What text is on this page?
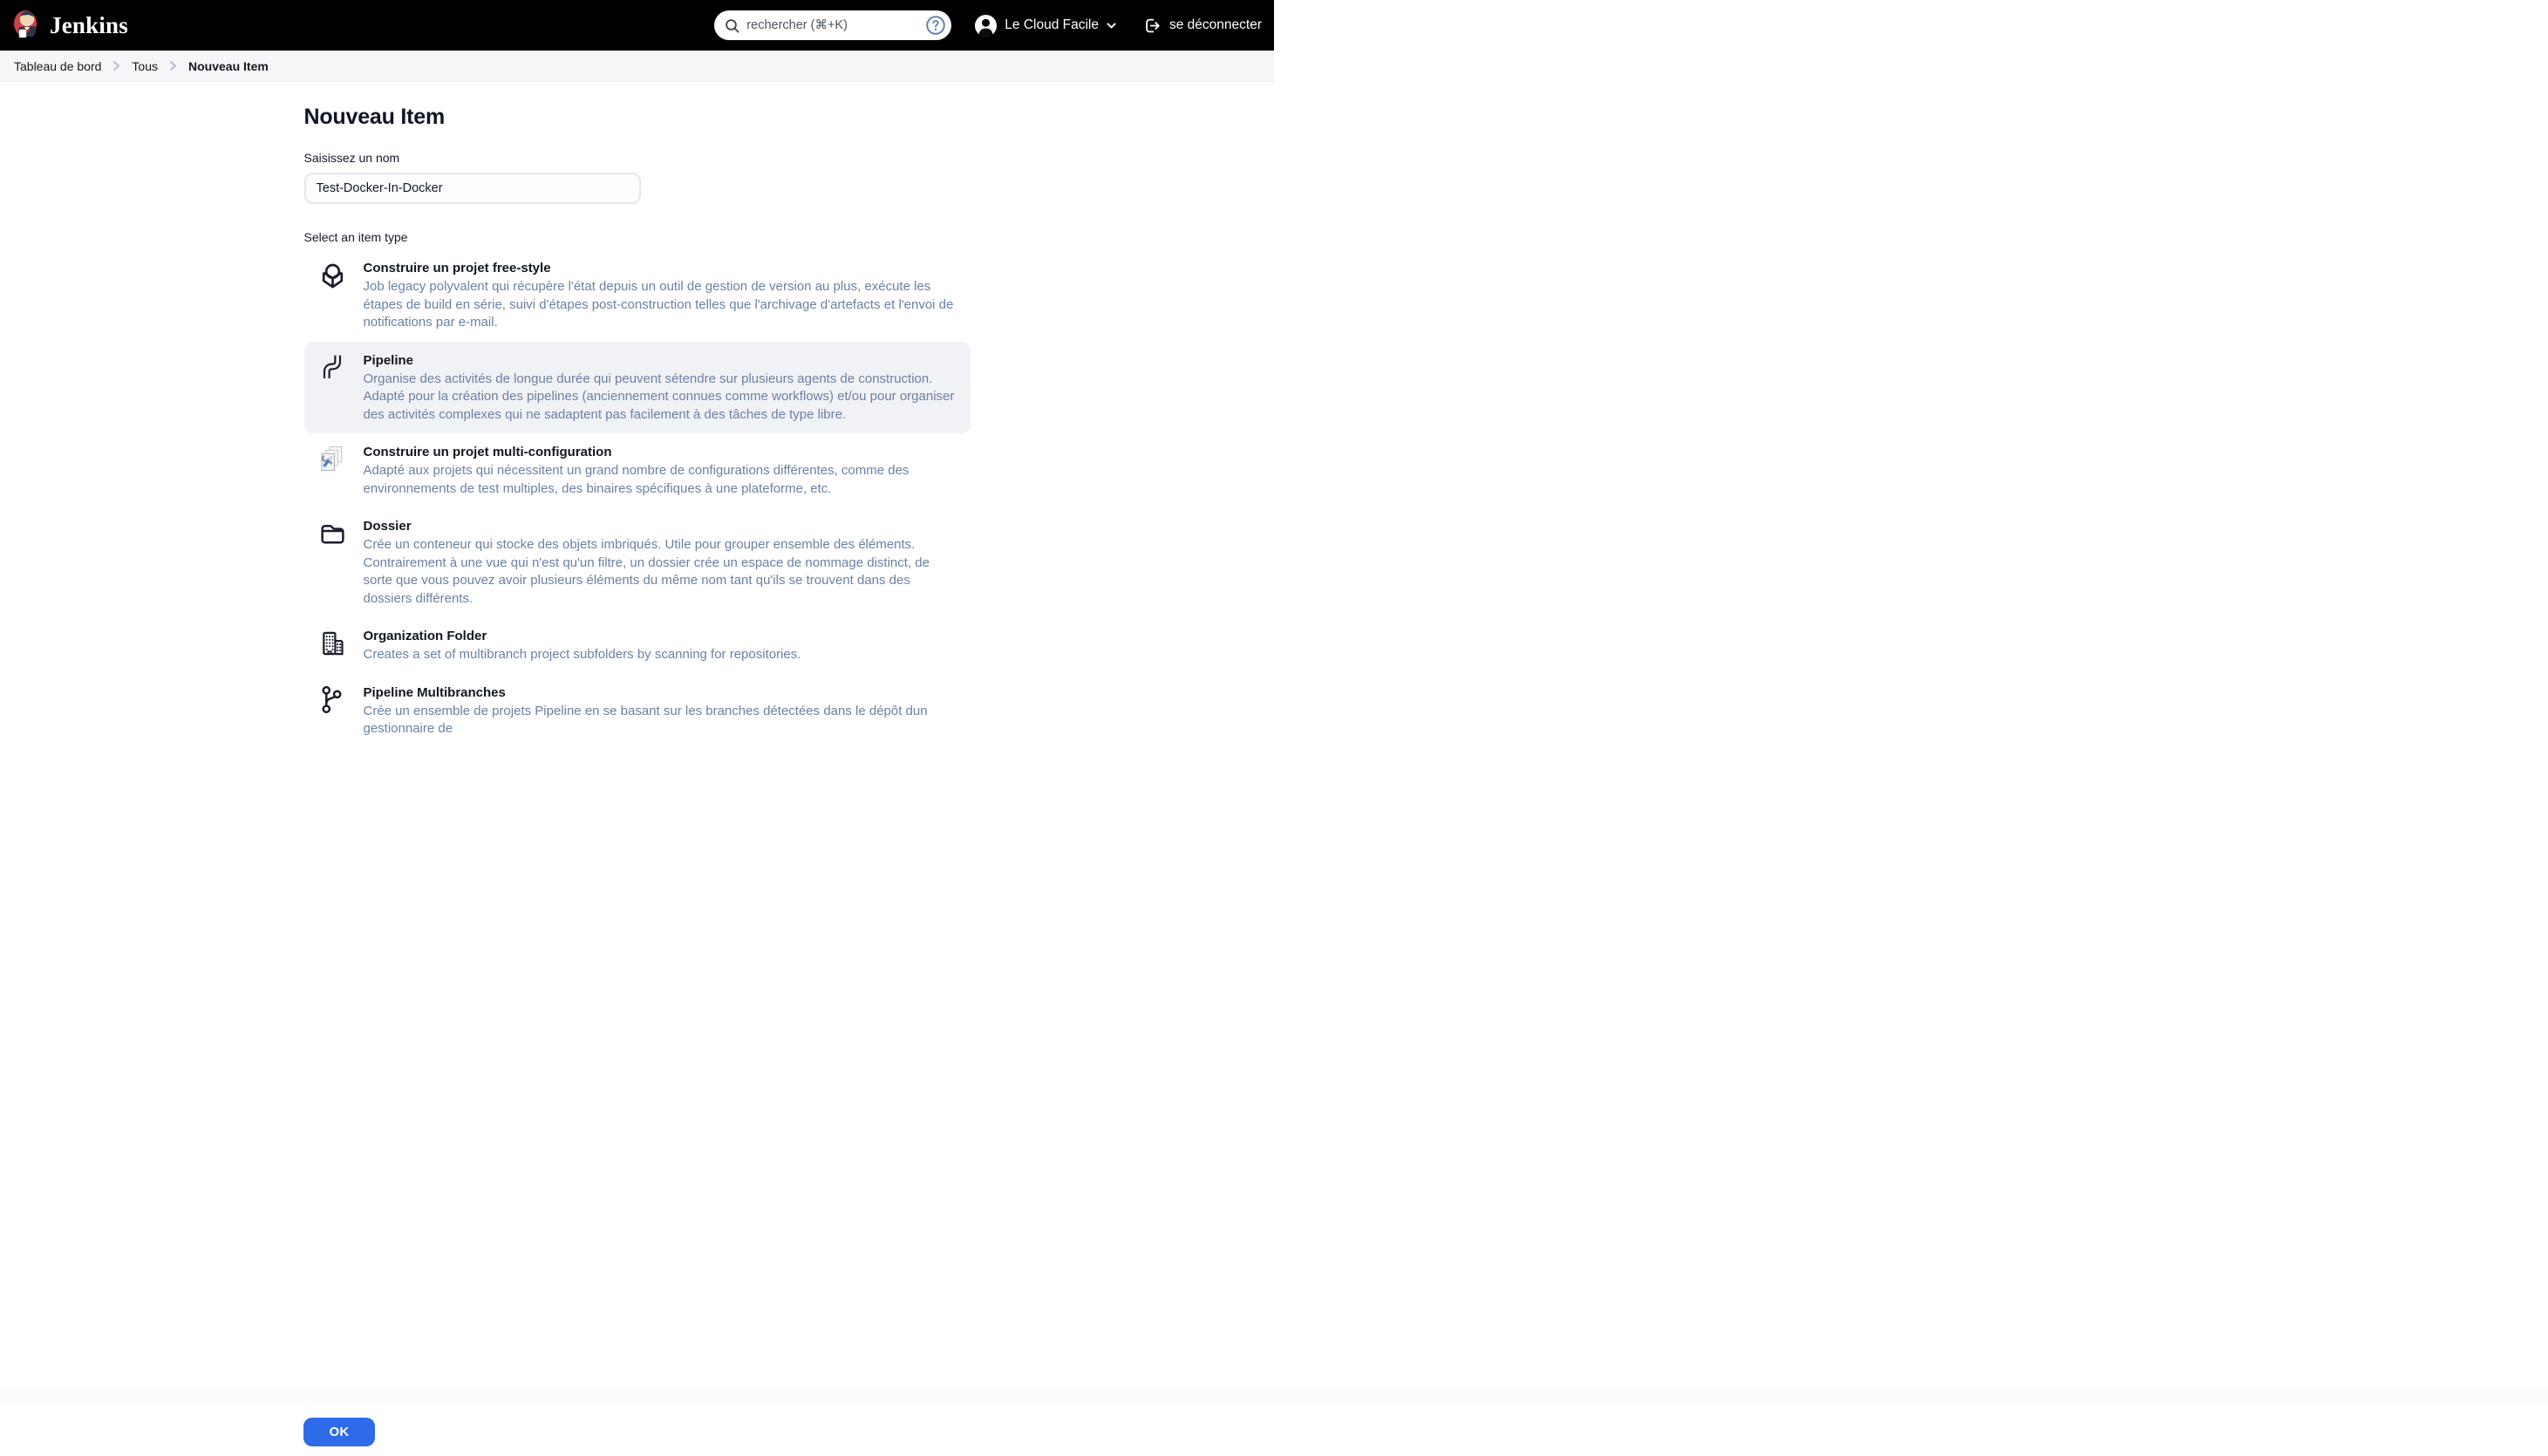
Jenkins
rechercher (⌘+K)	Le Cloud Facile	se déconnecter
Tableau de bord	Tous	Nouveau Item
Nouveau Item
Saisissez un nom
Test-Docker-In-Docker
Select an item type
Construire un projet free-style
Job legacy polyvalent qui récupère l'état depuis un outil de gestion de version au plus, exécute les étapes de build en série, suivi d'étapes post-construction telles que l'archivage d'artefacts et l'envoi de notifications par e-mail.
Pipeline
Organise des activités de longue durée qui peuvent sétendre sur plusieurs agents de construction. Adapté pour la création des pipelines (anciennement connues comme workflows) et/ou pour organiser des activités complexes qui ne sadaptent pas facilement à des tâches de type libre.
Construire un projet multi-configuration
Adapté aux projets qui nécessitent un grand nombre de configurations différentes, comme des environnements de test multiples, des binaires spécifiques à une plateforme, etc.
Dossier
Crée un conteneur qui stocke des objets imbriqués. Utile pour grouper ensemble des éléments. Contrairement à une vue qui n'est qu'un filtre, un dossier crée un espace de nommage distinct, de sorte que vous pouvez avoir plusieurs éléments du même nom tant qu'ils se trouvent dans des dossiers différents.
Organization Folder
Creates a set of multibranch project subfolders by scanning for repositories.
Pipeline Multibranches
Crée un ensemble de projets Pipeline en se basant sur les branches détectées dans le dépôt dun gestionnaire de
OK
